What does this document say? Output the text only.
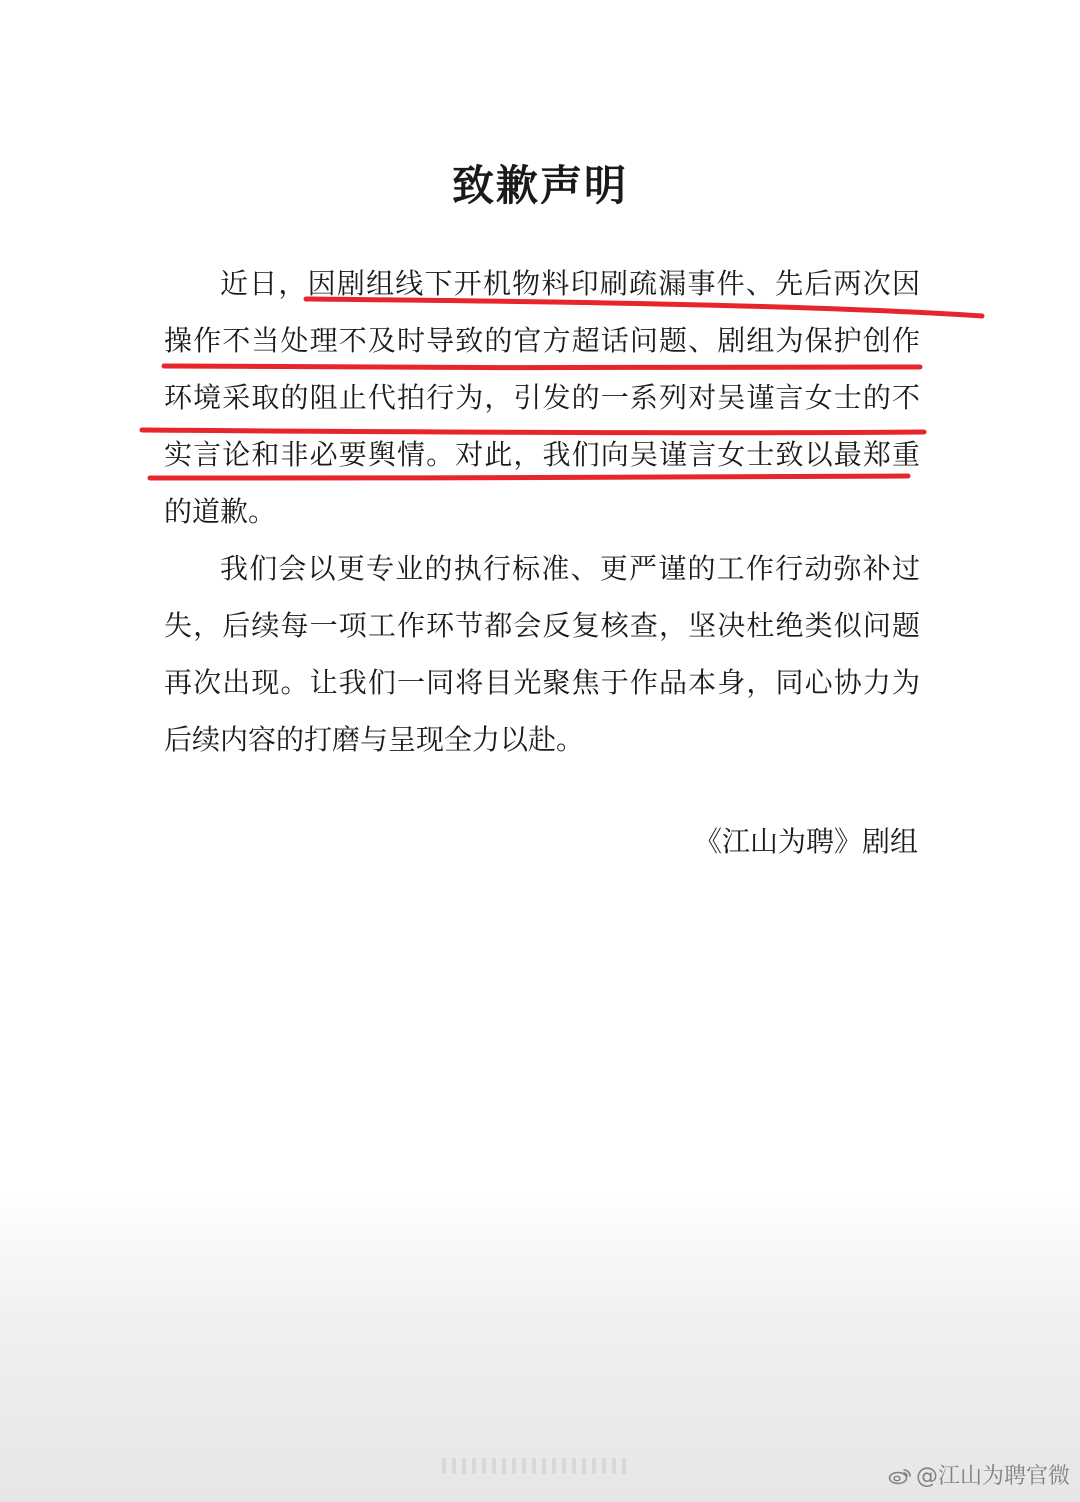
致歉声明

近日，因剧组线下开机物料印刷疏漏事件、先后两次因

操作不当处理不及时导致的官方超话问题、剧组为保护创作

环境采取的阻止代拍行为，引发的一系列对吴谨言女士的不

实言论和非必要舆情。对此，我们向吴谨言女士致以最郑重

的道歉。

我们会以更专业的执行标准、更严谨的工作行动弥补过

失，后续每一项工作环节都会反复核查，坚决杜绝类似问题

再次出现。让我们一同将目光聚焦于作品本身，同心协力为

后续内容的打磨与呈现全力以赴。

《江山为聘》剧组

@江山为聘官微
